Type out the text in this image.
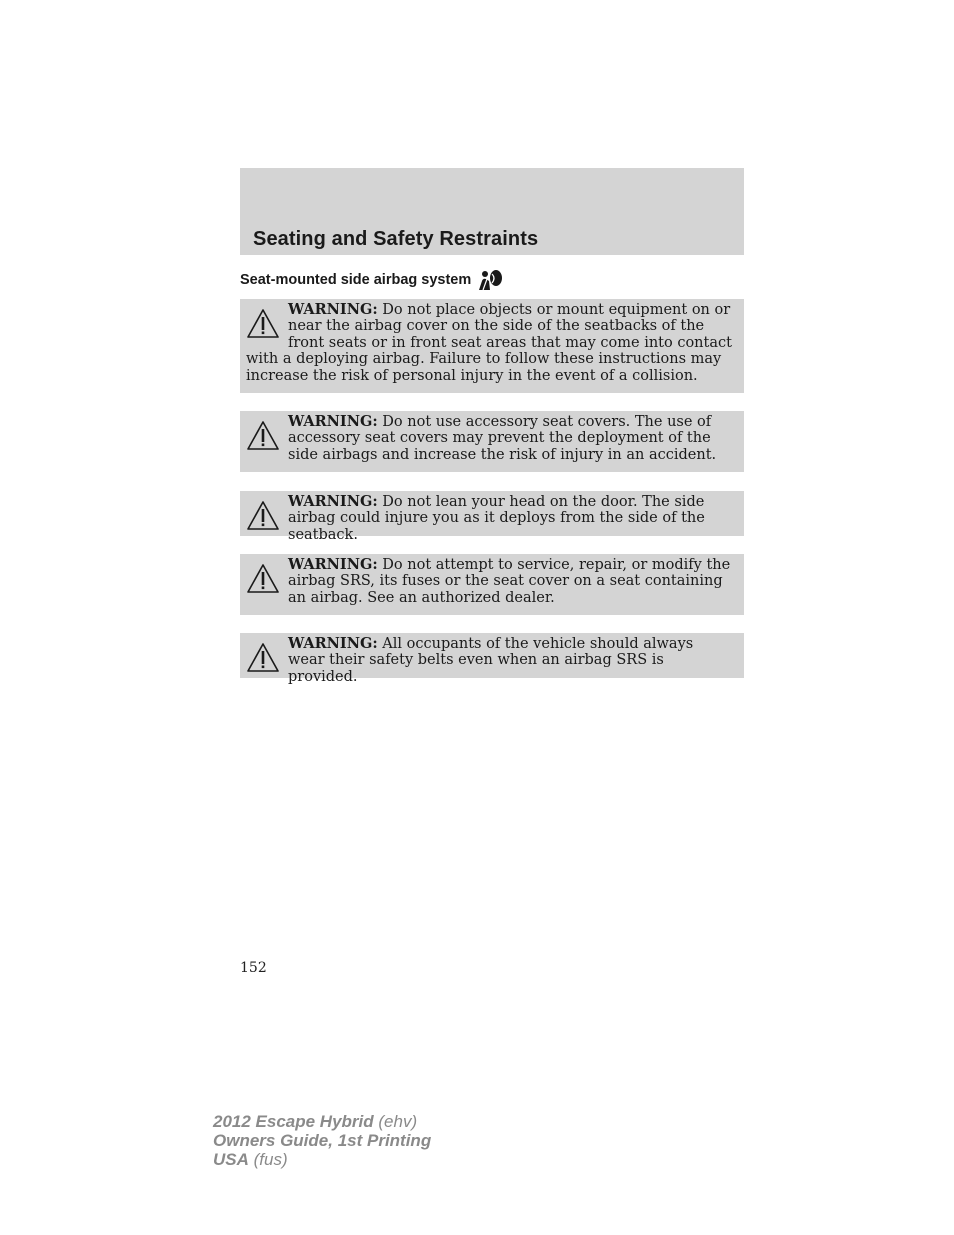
Seating and Safety Restraints
Seat-mounted side airbag system
WARNING: Do not place objects or mount equipment on or near the airbag cover on the side of the seatbacks of the front seats or in front seat areas that may come into contact with a deploying airbag. Failure to follow these instructions may increase the risk of personal injury in the event of a collision.
WARNING: Do not use accessory seat covers. The use of accessory seat covers may prevent the deployment of the side airbags and increase the risk of injury in an accident.
WARNING: Do not lean your head on the door. The side airbag could injure you as it deploys from the side of the seatback.
WARNING: Do not attempt to service, repair, or modify the airbag SRS, its fuses or the seat cover on a seat containing an airbag. See an authorized dealer.
WARNING: All occupants of the vehicle should always wear their safety belts even when an airbag SRS is provided.
152
2012 Escape Hybrid (ehv)
Owners Guide, 1st Printing
USA (fus)
